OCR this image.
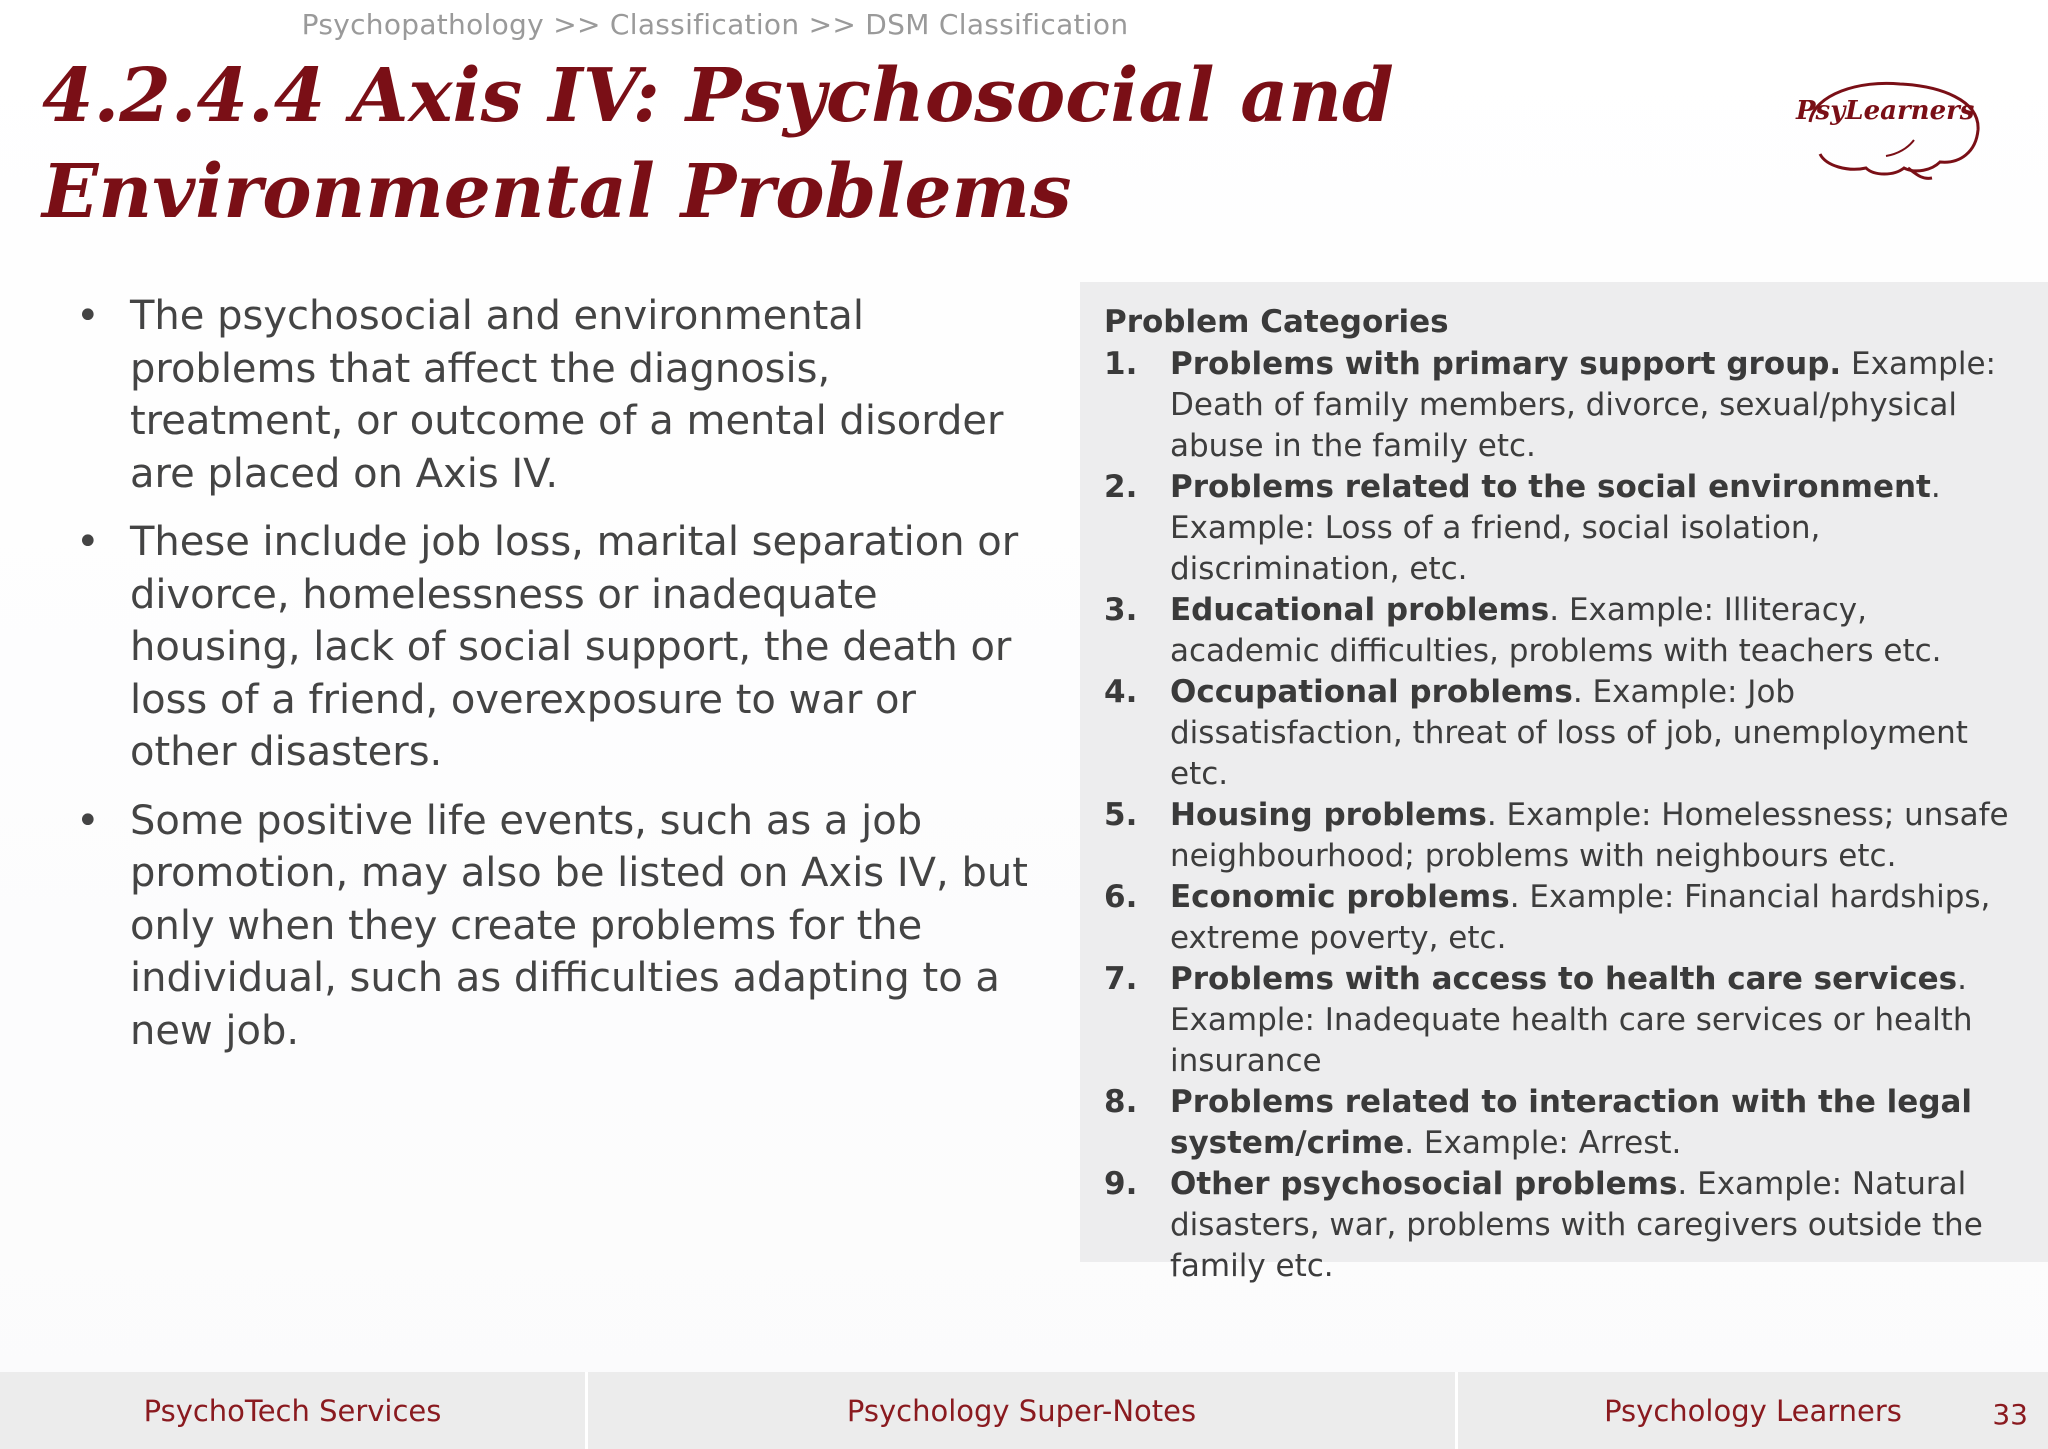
Psychopathology >> Classification >> DSM Classification
4.2.4.4 Axis IV: Psychosocial and Environmental Problems
PsyLearners
• The psychosocial and environmental problems that affect the diagnosis, treatment, or outcome of a mental disorder are placed on Axis IV.
• These include job loss, marital separation or divorce, homelessness or inadequate housing, lack of social support, the death or loss of a friend, overexposure to war or other disasters.
• Some positive life events, such as a job promotion, may also be listed on Axis IV, but only when they create problems for the individual, such as difficulties adapting to a new job.
Problem Categories
1. Problems with primary support group. Example: Death of family members, divorce, sexual/physical abuse in the family etc.
2. Problems related to the social environment. Example: Loss of a friend, social isolation, discrimination, etc.
3. Educational problems. Example: Illiteracy, academic difficulties, problems with teachers etc.
4. Occupational problems. Example: Job dissatisfaction, threat of loss of job, unemployment etc.
5. Housing problems. Example: Homelessness; unsafe neighbourhood; problems with neighbours etc.
6. Economic problems. Example: Financial hardships, extreme poverty, etc.
7. Problems with access to health care services. Example: Inadequate health care services or health insurance
8. Problems related to interaction with the legal system/crime. Example: Arrest.
9. Other psychosocial problems. Example: Natural disasters, war, problems with caregivers outside the family etc.
PsychoTech Services	Psychology Super-Notes	Psychology Learners	33
